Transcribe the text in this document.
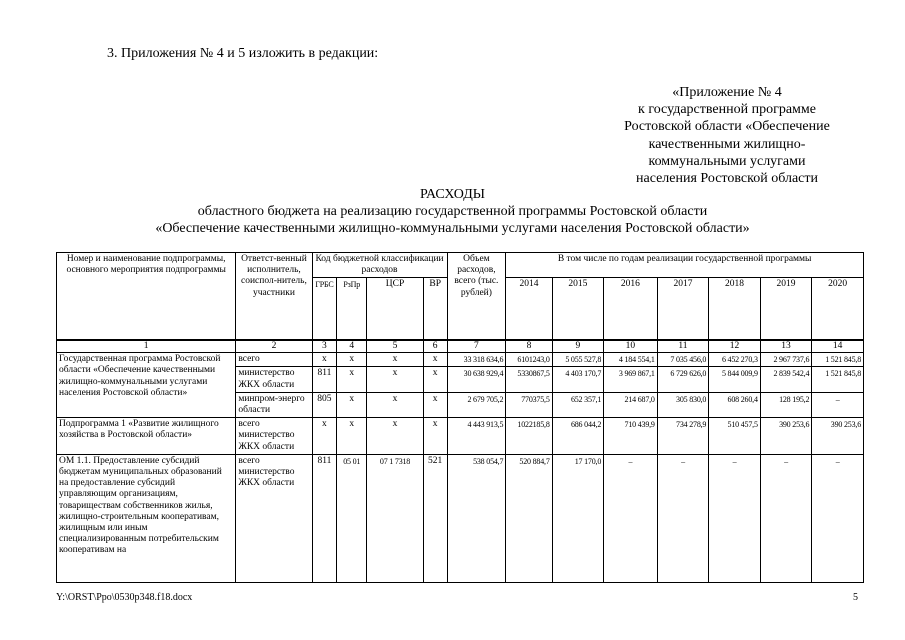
3. Приложения № 4 и 5 изложить в редакции:
«Приложение № 4
к государственной программе
Ростовской области «Обеспечение
качественными жилищно-
коммунальными услугами
населения Ростовской области
РАСХОДЫ
областного бюджета на реализацию государственной программы Ростовской области
«Обеспечение качественными жилищно-коммунальными услугами населения Ростовской области»
Номер и наименование подпрограммы, основного мероприятия подпрограммы	Ответст-венный исполнитель, соиспол-нитель, участники	Код бюджетной классификации расходов				Объем расходов, всего (тыс. рублей)	В том числе по годам реализации государственной программы						
		ГРБС	РзПр	ЦСР	ВР		2014	2015	2016	2017	2018	2019	2020
1	2	3	4	5	6	7	8	9	10	11	12	13	14
Государственная программа Ростовской области «Обеспечение качественными жилищно-коммунальными услугами населения Ростовской области»	всего	х	х	х	х	33 318 634,6	6101243,0	5 055 527,8	4 184 554,1	7 035 456,0	6 452 270,3	2 967 737,6	1 521 845,8
	министерство ЖКХ области	811	х	х	х	30 638 929,4	5330867,5	4 403 170,7	3 969 867,1	6 729 626,0	5 844 009,9	2 839 542,4	1 521 845,8
	минпром-энерго области	805	х	х	х	2 679 705,2	770375,5	652 357,1	214 687,0	305 830,0	608 260,4	128 195,2	–
Подпрограмма 1 «Развитие жилищного хозяйства в Ростовской области»	всего министерство ЖКХ области	х	х	х	х	4 443 913,5	1022185,8	686 044,2	710 439,9	734 278,9	510 457,5	390 253,6	390 253,6
ОМ 1.1. Предоставление субсидий бюджетам муниципальных образований на предоставление субсидий управляющим организациям, товариществам собственников жилья, жилищно-строительным кооперативам, жилищным или иным специализированным потребительским кооперативам на	всего министерство ЖКХ области	811	05 01	07 1 7318	521	538 054,7	520 884,7	17 170,0	–	–	–	–	–
Y:\ORST\Ppo\0530p348.f18.docx	5
